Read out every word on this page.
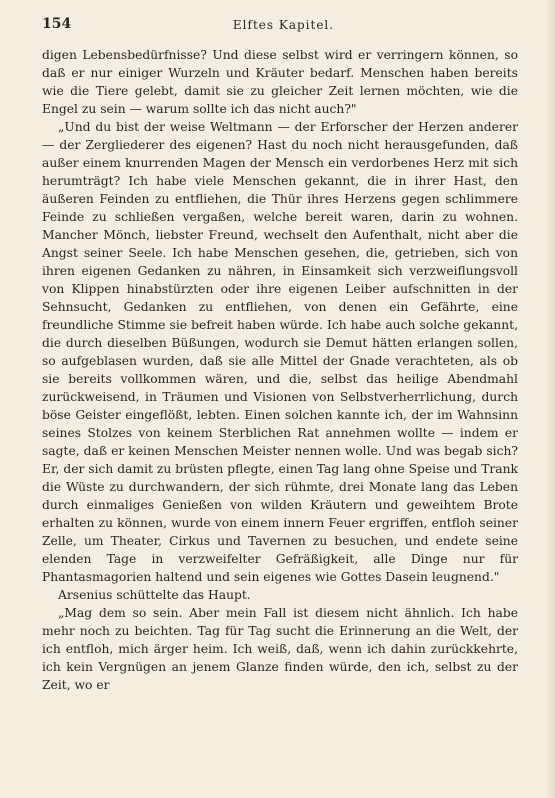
154	Elftes Kapitel.

digen Lebensbedürfnisse? Und diese selbst wird er verringern können, so daß er nur einiger Wurzeln und Kräuter bedarf. Menschen haben bereits wie die Tiere gelebt, damit sie zu gleicher Zeit lernen möchten, wie die Engel zu sein — warum sollte ich das nicht auch?"

„Und du bist der weise Weltmann — der Erforscher der Herzen anderer — der Zergliederer des eigenen? Hast du noch nicht herausgefunden, daß außer einem knurrenden Magen der Mensch ein verdorbenes Herz mit sich herumträgt? Ich habe viele Menschen gekannt, die in ihrer Hast, den äußeren Feinden zu entfliehen, die Thür ihres Herzens gegen schlimmere Feinde zu schließen vergaßen, welche bereit waren, darin zu wohnen. Mancher Mönch, liebster Freund, wechselt den Aufenthalt, nicht aber die Angst seiner Seele. Ich habe Menschen gesehen, die, getrieben, sich von ihren eigenen Gedanken zu nähren, in Einsamkeit sich verzweiflungsvoll von Klippen hinabstürzten oder ihre eigenen Leiber aufschnitten in der Sehnsucht, Gedanken zu entfliehen, von denen ein Gefährte, eine freundliche Stimme sie befreit haben würde. Ich habe auch solche gekannt, die durch dieselben Büßungen, wodurch sie Demut hätten erlangen sollen, so aufgeblasen wurden, daß sie alle Mittel der Gnade verachteten, als ob sie bereits vollkommen wären, und die, selbst das heilige Abendmahl zurückweisend, in Träumen und Visionen von Selbstverherrlichung, durch böse Geister eingeflößt, lebten. Einen solchen kannte ich, der im Wahnsinn seines Stolzes von keinem Sterblichen Rat annehmen wollte — indem er sagte, daß er keinen Menschen Meister nennen wolle. Und was begab sich? Er, der sich damit zu brüsten pflegte, einen Tag lang ohne Speise und Trank die Wüste zu durchwandern, der sich rühmte, drei Monate lang das Leben durch einmaliges Genießen von wilden Kräutern und geweihtem Brote erhalten zu können, wurde von einem innern Feuer ergriffen, entfloh seiner Zelle, um Theater, Cirkus und Tavernen zu besuchen, und endete seine elenden Tage in verzweifelter Gefräßigkeit, alle Dinge nur für Phantasmagorien haltend und sein eigenes wie Gottes Dasein leugnend."

Arsenius schüttelte das Haupt.

„Mag dem so sein. Aber mein Fall ist diesem nicht ähnlich. Ich habe mehr noch zu beichten. Tag für Tag sucht die Erinnerung an die Welt, der ich entfloh, mich ärger heim. Ich weiß, daß, wenn ich dahin zurückkehrte, ich kein Vergnügen an jenem Glanze finden würde, den ich, selbst zu der Zeit, wo er
